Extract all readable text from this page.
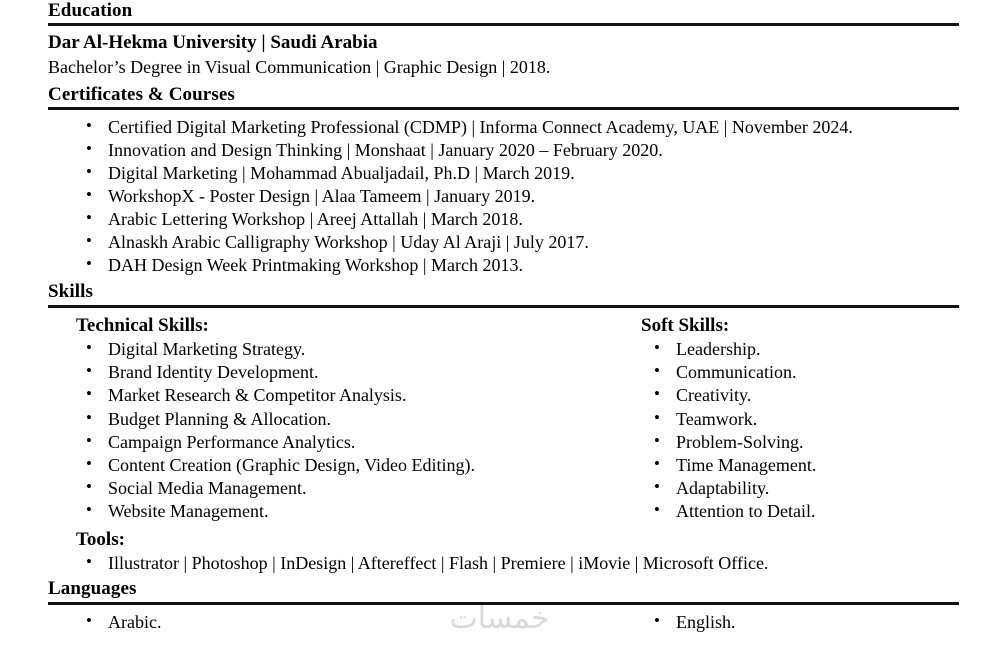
Education

Dar Al-Hekma University | Saudi Arabia

Bachelor’s Degree in Visual Communication | Graphic Design | 2018.

Certificates & Courses
• Certified Digital Marketing Professional (CDMP) | Informa Connect Academy, UAE | November 2024.
• Innovation and Design Thinking | Monshaat | January 2020 – February 2020.
• Digital Marketing | Mohammad Abualjadail, Ph.D | March 2019.
• WorkshopX - Poster Design | Alaa Tameem | January 2019.
• Arabic Lettering Workshop | Areej Attallah | March 2018.
• Alnaskh Arabic Calligraphy Workshop | Uday Al Araji | July 2017.
• DAH Design Week Printmaking Workshop | March 2013.
Skills
Technical Skills:
• Digital Marketing Strategy.
• Brand Identity Development.
• Market Research & Competitor Analysis.
• Budget Planning & Allocation.
• Campaign Performance Analytics.
• Content Creation (Graphic Design, Video Editing).
• Social Media Management.
• Website Management.
Soft Skills:
• Leadership.
• Communication.
• Creativity.
• Teamwork.
• Problem-Solving.
• Time Management.
• Adaptability.
• Attention to Detail.
Tools:
• Illustrator | Photoshop | InDesign | Aftereffect | Flash | Premiere | iMovie | Microsoft Office.
Languages
• Arabic.	• English.
خمسات
